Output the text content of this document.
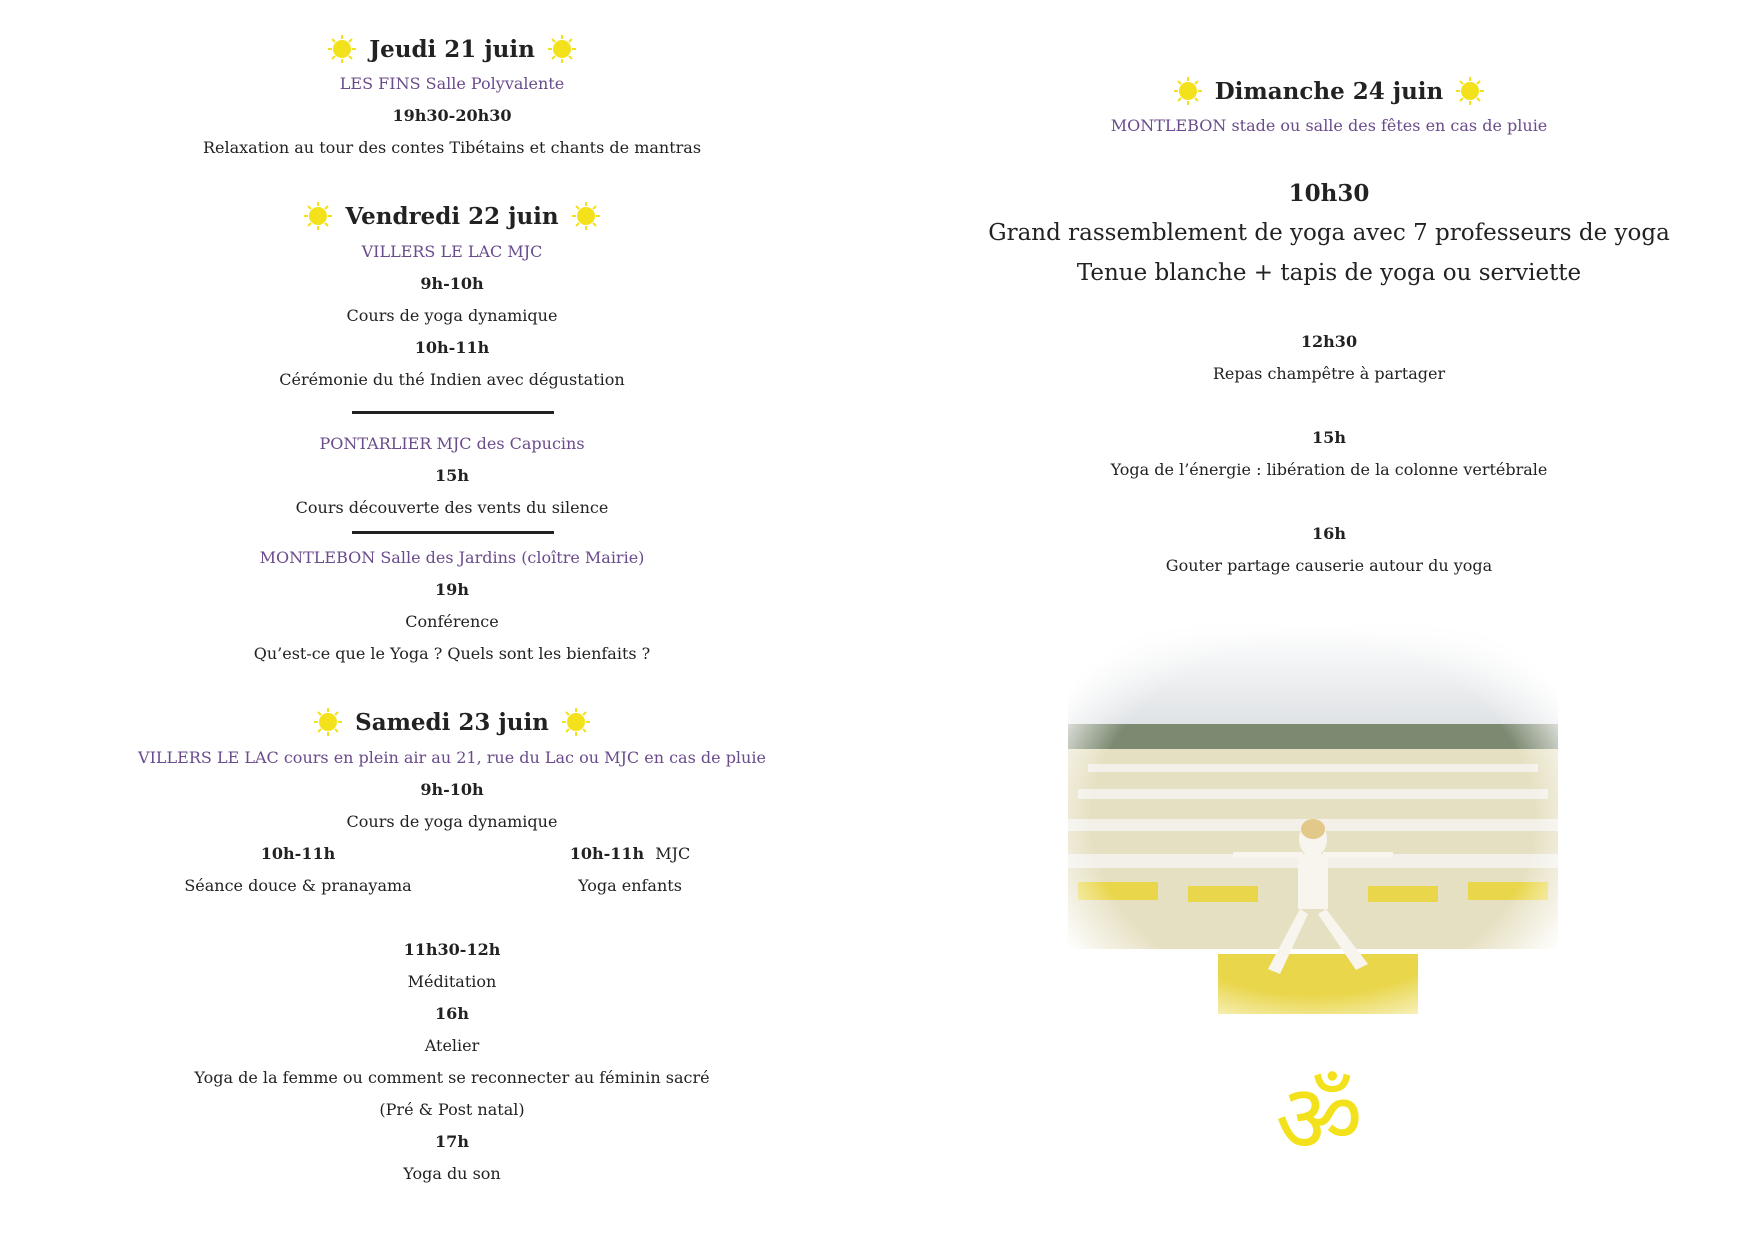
Jeudi 21 juin
LES FINS Salle Polyvalente
19h30-20h30
Relaxation au tour des contes Tibétains et chants de mantras
Vendredi 22 juin
VILLERS LE LAC MJC
9h-10h
Cours de yoga dynamique
10h-11h
Cérémonie du thé Indien avec dégustation
PONTARLIER MJC des Capucins
15h
Cours découverte des vents du silence
MONTLEBON Salle des Jardins (cloître Mairie)
19h
Conférence
Qu’est-ce que le Yoga ? Quels sont les bienfaits ?
Samedi 23 juin
VILLERS LE LAC cours en plein air au 21, rue du Lac ou MJC en cas de pluie
9h-10h
Cours de yoga dynamique
10h-11h
Séance douce & pranayama
10h-11h MJC
Yoga enfants
11h30-12h
Méditation
16h
Atelier
Yoga de la femme ou comment se reconnecter au féminin sacré
(Pré & Post natal)
17h
Yoga du son
Dimanche 24 juin
MONTLEBON stade ou salle des fêtes en cas de pluie
10h30
Grand rassemblement de yoga avec 7 professeurs de yoga
Tenue blanche + tapis de yoga ou serviette
12h30
Repas champêtre à partager
15h
Yoga de l’énergie : libération de la colonne vertébrale
16h
Gouter partage causerie autour du yoga
ॐ
